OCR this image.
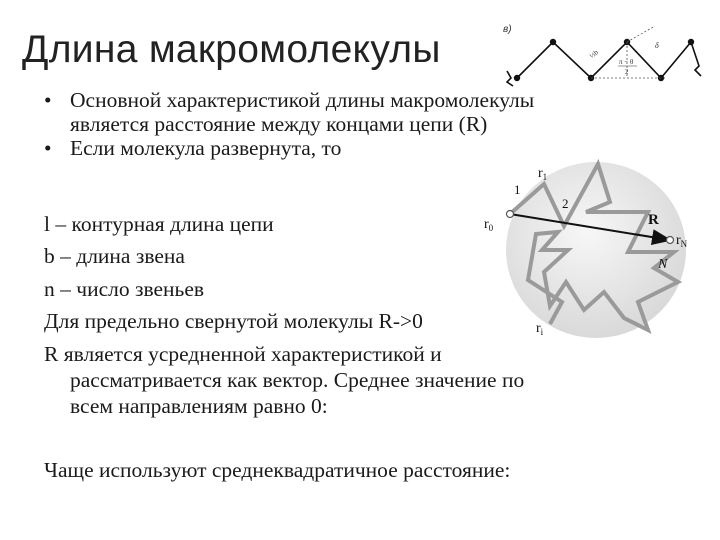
Длина макромолекулы	в)
½b
δ
π − θ
2
• Основной характеристикой длины макромолекулы
является расстояние между концами цепи (R)
• Если молекула развернута, то
$r_0$
$r_1$
$r_i$
$r_N$
R
1
2
N
l – контурная длина цепи
b – длина звена
n – число звеньев
Для предельно свернутой молекулы R->0
R является усредненной характеристикой и
рассматривается как вектор. Среднее значение по
всем направлениям равно 0:
Чаще используют среднеквадратичное расстояние:
